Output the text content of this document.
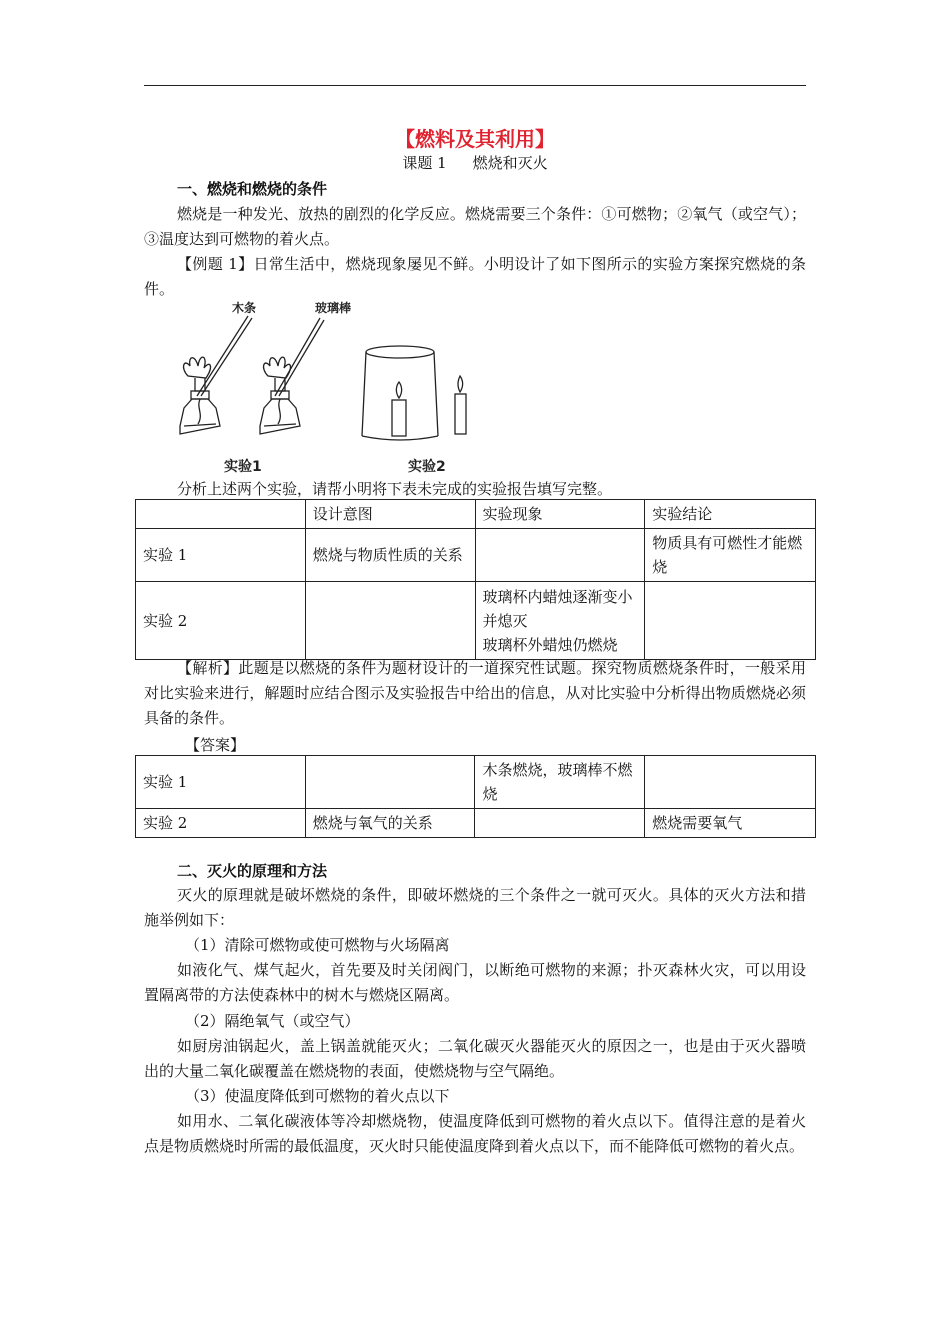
【燃料及其利用】
课题 1 燃烧和灭火
一、燃烧和燃烧的条件
燃烧是一种发光、放热的剧烈的化学反应。燃烧需要三个条件：①可燃物；②氧气（或空气）；③温度达到可燃物的着火点。
【例题 1】日常生活中，燃烧现象屡见不鲜。小明设计了如下图所示的实验方案探究燃烧的条件。
木条	玻璃棒
实验1	实验2
分析上述两个实验，请帮小明将下表未完成的实验报告填写完整。
	设计意图	实验现象	实验结论
实验 1	燃烧与物质性质的关系		物质具有可燃性才能燃烧
实验 2		玻璃杯内蜡烛逐渐变小并熄灭
玻璃杯外蜡烛仍燃烧	

【解析】此题是以燃烧的条件为题材设计的一道探究性试题。探究物质燃烧条件时，一般采用对比实验来进行，解题时应结合图示及实验报告中给出的信息，从对比实验中分析得出物质燃烧必须具备的条件。
【答案】
实验 1		木条燃烧，玻璃棒不燃烧	
实验 2	燃烧与氧气的关系		燃烧需要氧气
二、灭火的原理和方法
灭火的原理就是破坏燃烧的条件，即破坏燃烧的三个条件之一就可灭火。具体的灭火方法和措施举例如下：
（1）清除可燃物或使可燃物与火场隔离
如液化气、煤气起火，首先要及时关闭阀门，以断绝可燃物的来源；扑灭森林火灾，可以用设置隔离带的方法使森林中的树木与燃烧区隔离。
（2）隔绝氧气（或空气）
如厨房油锅起火，盖上锅盖就能灭火；二氧化碳灭火器能灭火的原因之一，也是由于灭火器喷出的大量二氧化碳覆盖在燃烧物的表面，使燃烧物与空气隔绝。
（3）使温度降低到可燃物的着火点以下
如用水、二氧化碳液体等冷却燃烧物，使温度降低到可燃物的着火点以下。值得注意的是着火点是物质燃烧时所需的最低温度，灭火时只能使温度降到着火点以下，而不能降低可燃物的着火点。
